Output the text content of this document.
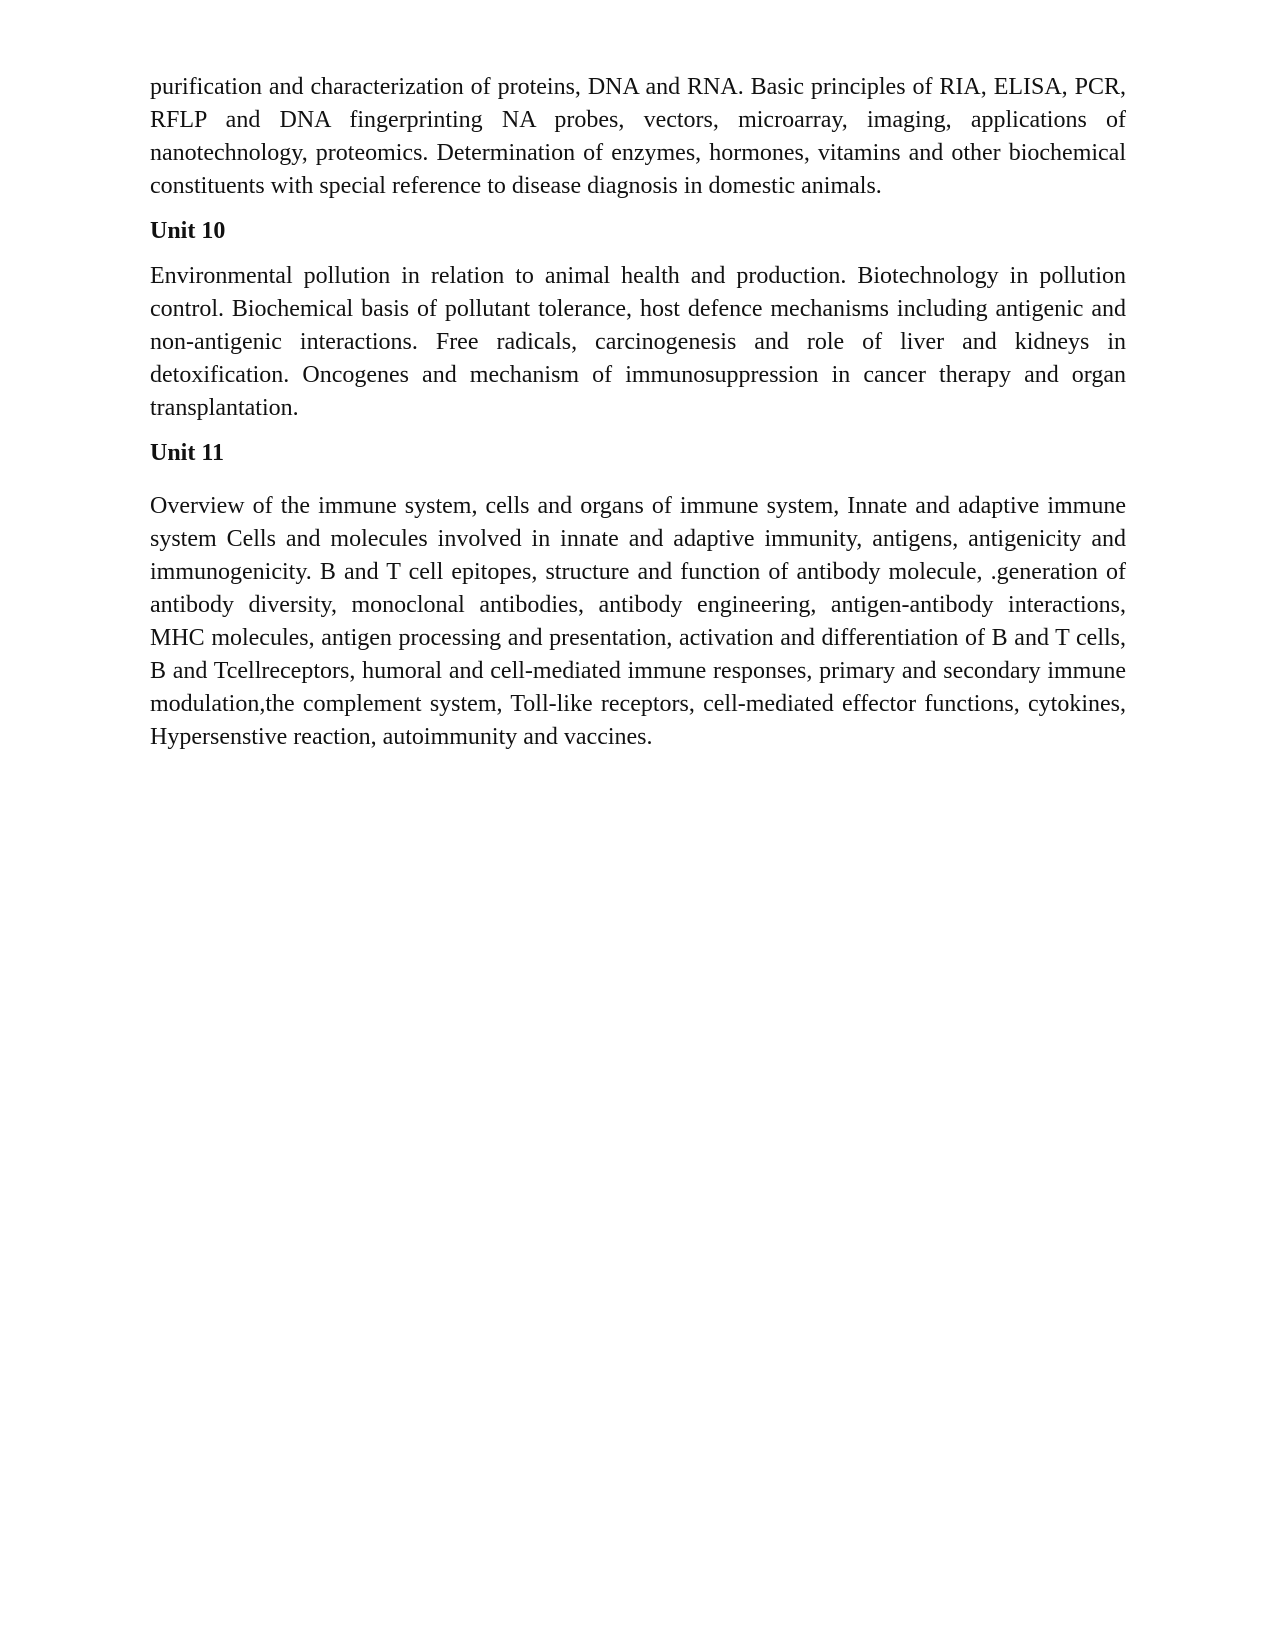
purification and characterization of proteins, DNA and RNA. Basic principles of RIA, ELISA, PCR, RFLP and DNA fingerprinting NA probes, vectors, microarray, imaging, applications of nanotechnology, proteomics. Determination of enzymes, hormones, vitamins and other biochemical constituents with special reference to disease diagnosis in domestic animals.

Unit 10

Environmental pollution in relation to animal health and production. Biotechnology in pollution control. Biochemical basis of pollutant tolerance, host defence mechanisms including antigenic and non-antigenic interactions. Free radicals, carcinogenesis and role of liver and kidneys in detoxification. Oncogenes and mechanism of immunosuppression in cancer therapy and organ transplantation.

Unit 11

Overview of the immune system, cells and organs of immune system, Innate and adaptive immune system Cells and molecules involved in innate and adaptive immunity, antigens, antigenicity and immunogenicity. B and T cell epitopes, structure and function of antibody molecule, .generation of antibody diversity, monoclonal antibodies, antibody engineering, antigen-antibody interactions, MHC molecules, antigen processing and presentation, activation and differentiation of B and T cells, B and Tcellreceptors, humoral and cell-mediated immune responses, primary and secondary immune modulation,the complement system, Toll-like receptors, cell-mediated effector functions, cytokines, Hypersenstive reaction, autoimmunity and vaccines.
